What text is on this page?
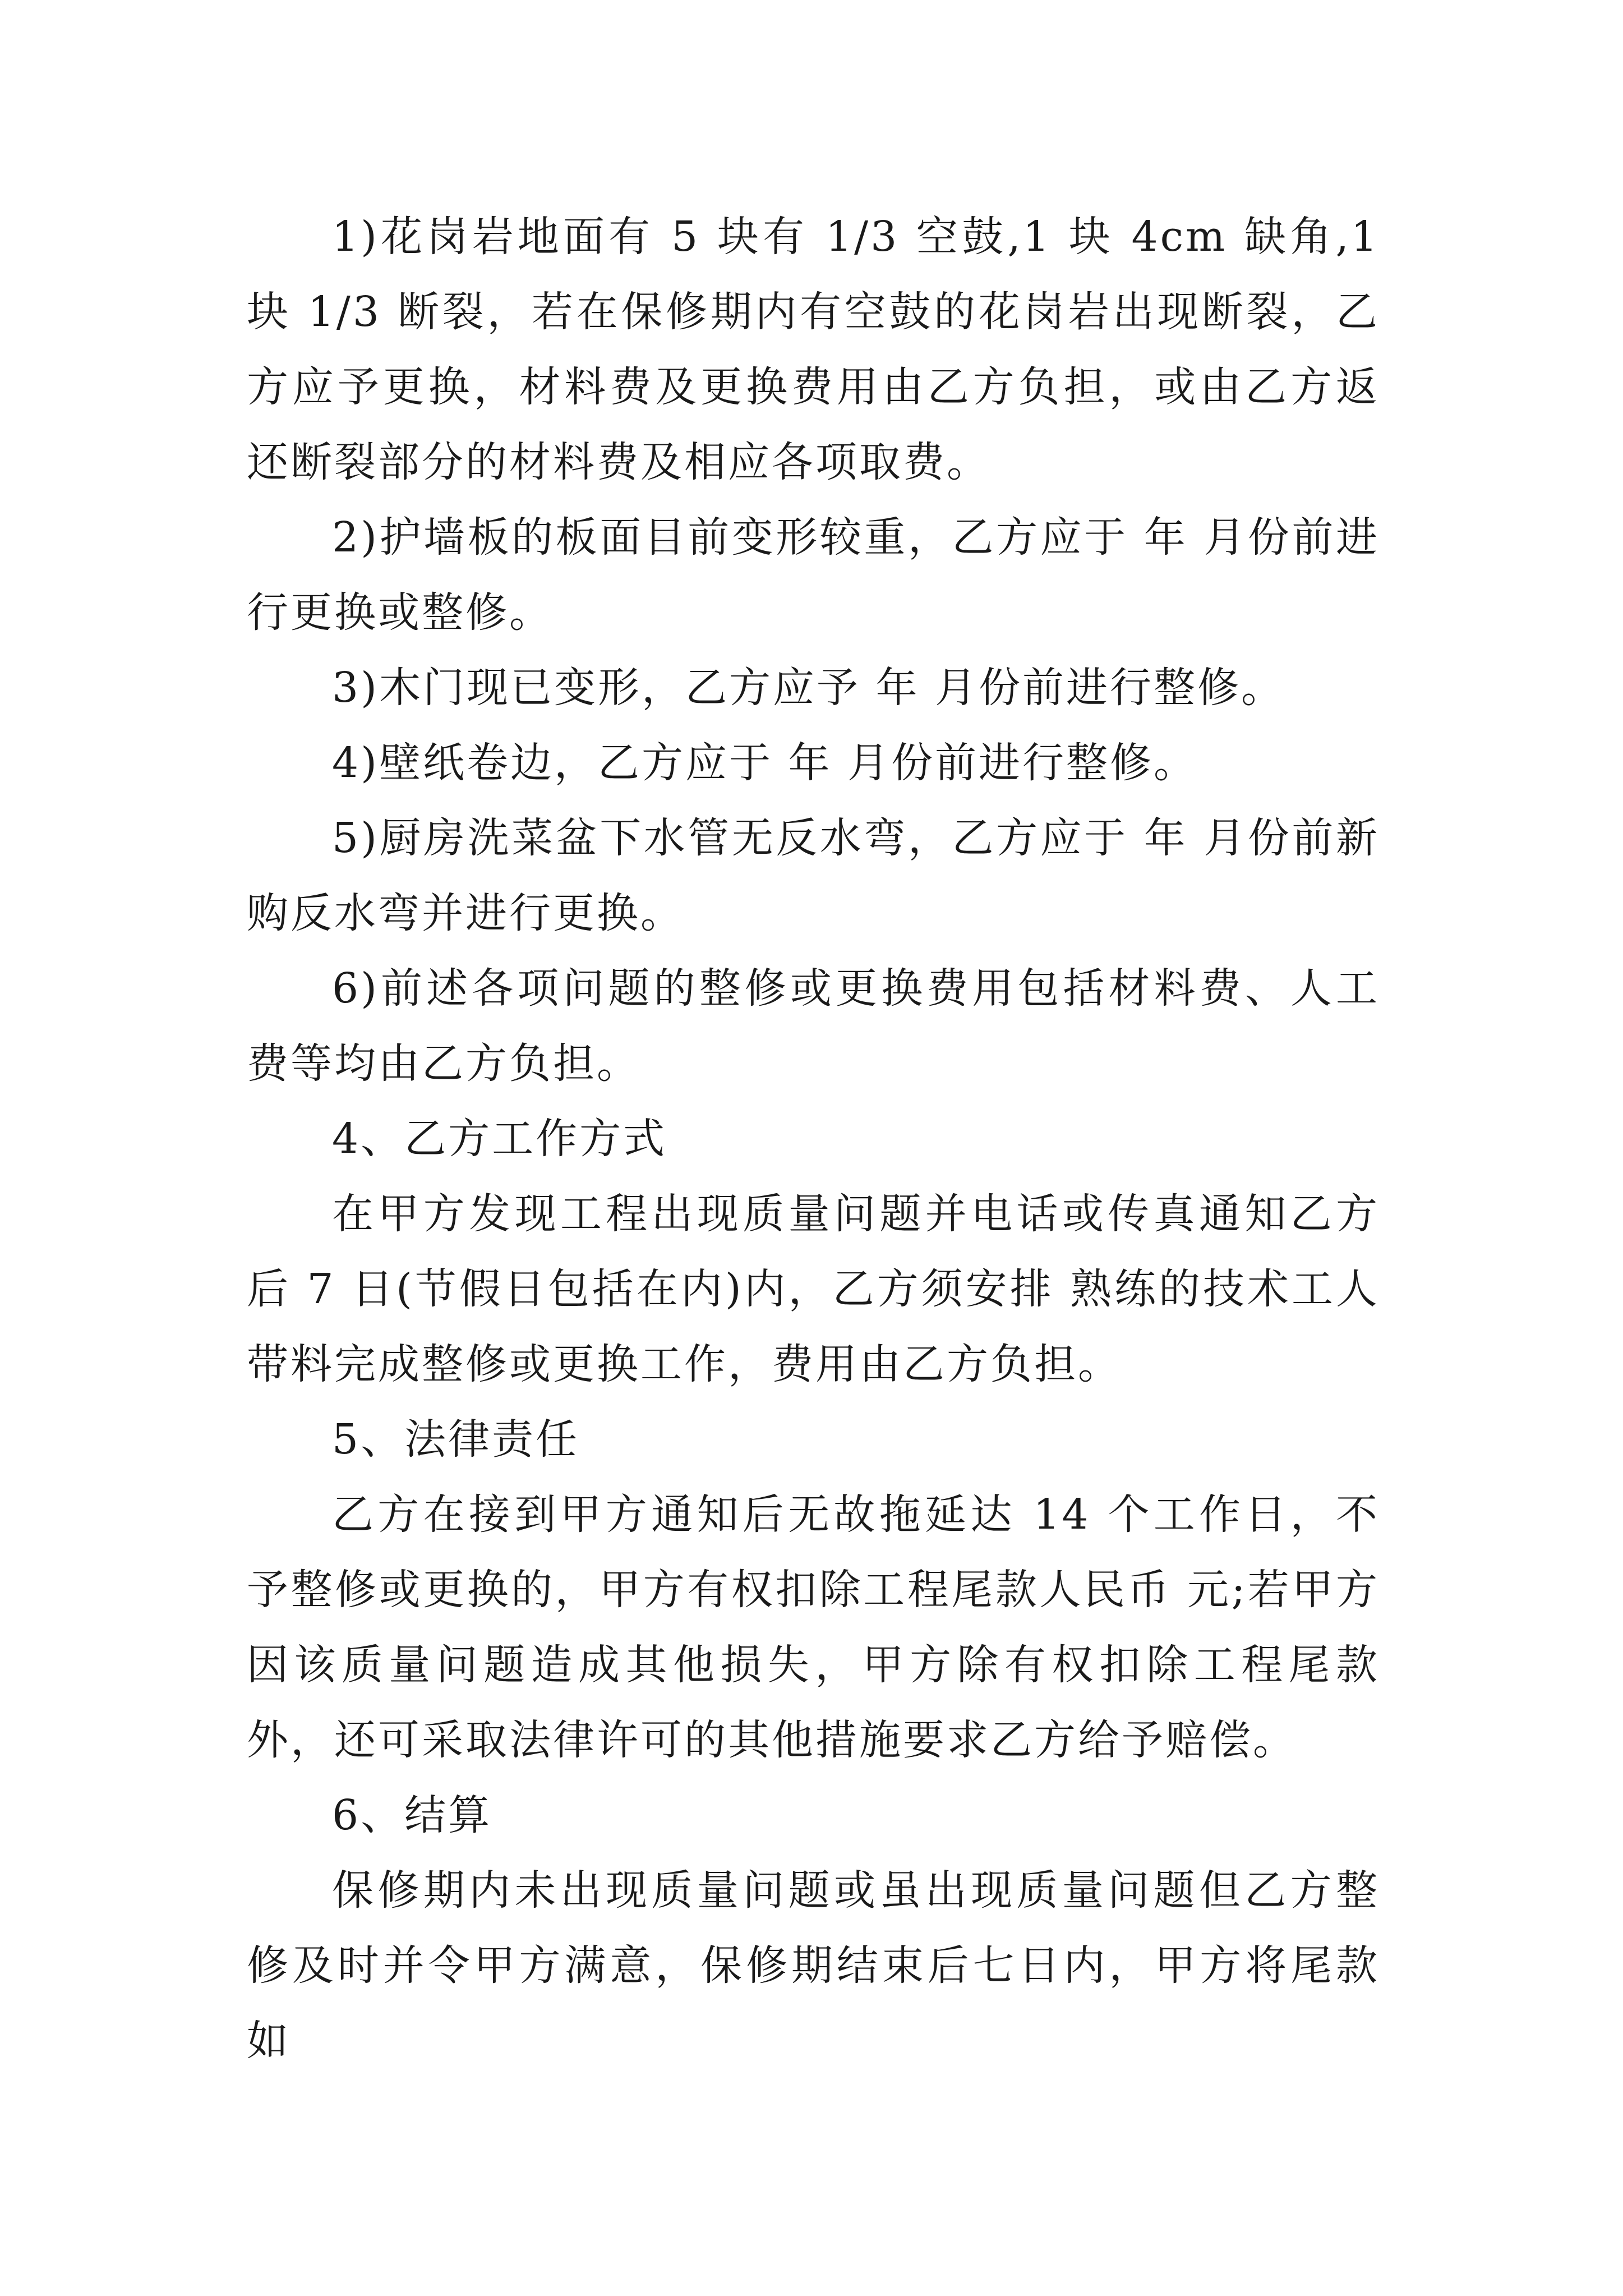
1)花岗岩地面有 5 块有 1/3 空鼓,1 块 4cm 缺角,1 块 1/3 断裂，若在保修期内有空鼓的花岗岩出现断裂，乙方应予更换，材料费及更换费用由乙方负担，或由乙方返还断裂部分的材料费及相应各项取费。

2)护墙板的板面目前变形较重，乙方应于 年 月份前进行更换或整修。

3)木门现已变形，乙方应予 年 月份前进行整修。

4)壁纸卷边，乙方应于 年 月份前进行整修。

5)厨房洗菜盆下水管无反水弯，乙方应于 年 月份前新购反水弯并进行更换。

6)前述各项问题的整修或更换费用包括材料费、人工费等均由乙方负担。

4、乙方工作方式

在甲方发现工程出现质量问题并电话或传真通知乙方后 7 日(节假日包括在内)内，乙方须安排 熟练的技术工人带料完成整修或更换工作，费用由乙方负担。

5、法律责任

乙方在接到甲方通知后无故拖延达 14 个工作日，不予整修或更换的，甲方有权扣除工程尾款人民币 元;若甲方因该质量问题造成其他损失，甲方除有权扣除工程尾款外，还可采取法律许可的其他措施要求乙方给予赔偿。

6、结算

保修期内未出现质量问题或虽出现质量问题但乙方整修及时并令甲方满意，保修期结束后七日内，甲方将尾款如
